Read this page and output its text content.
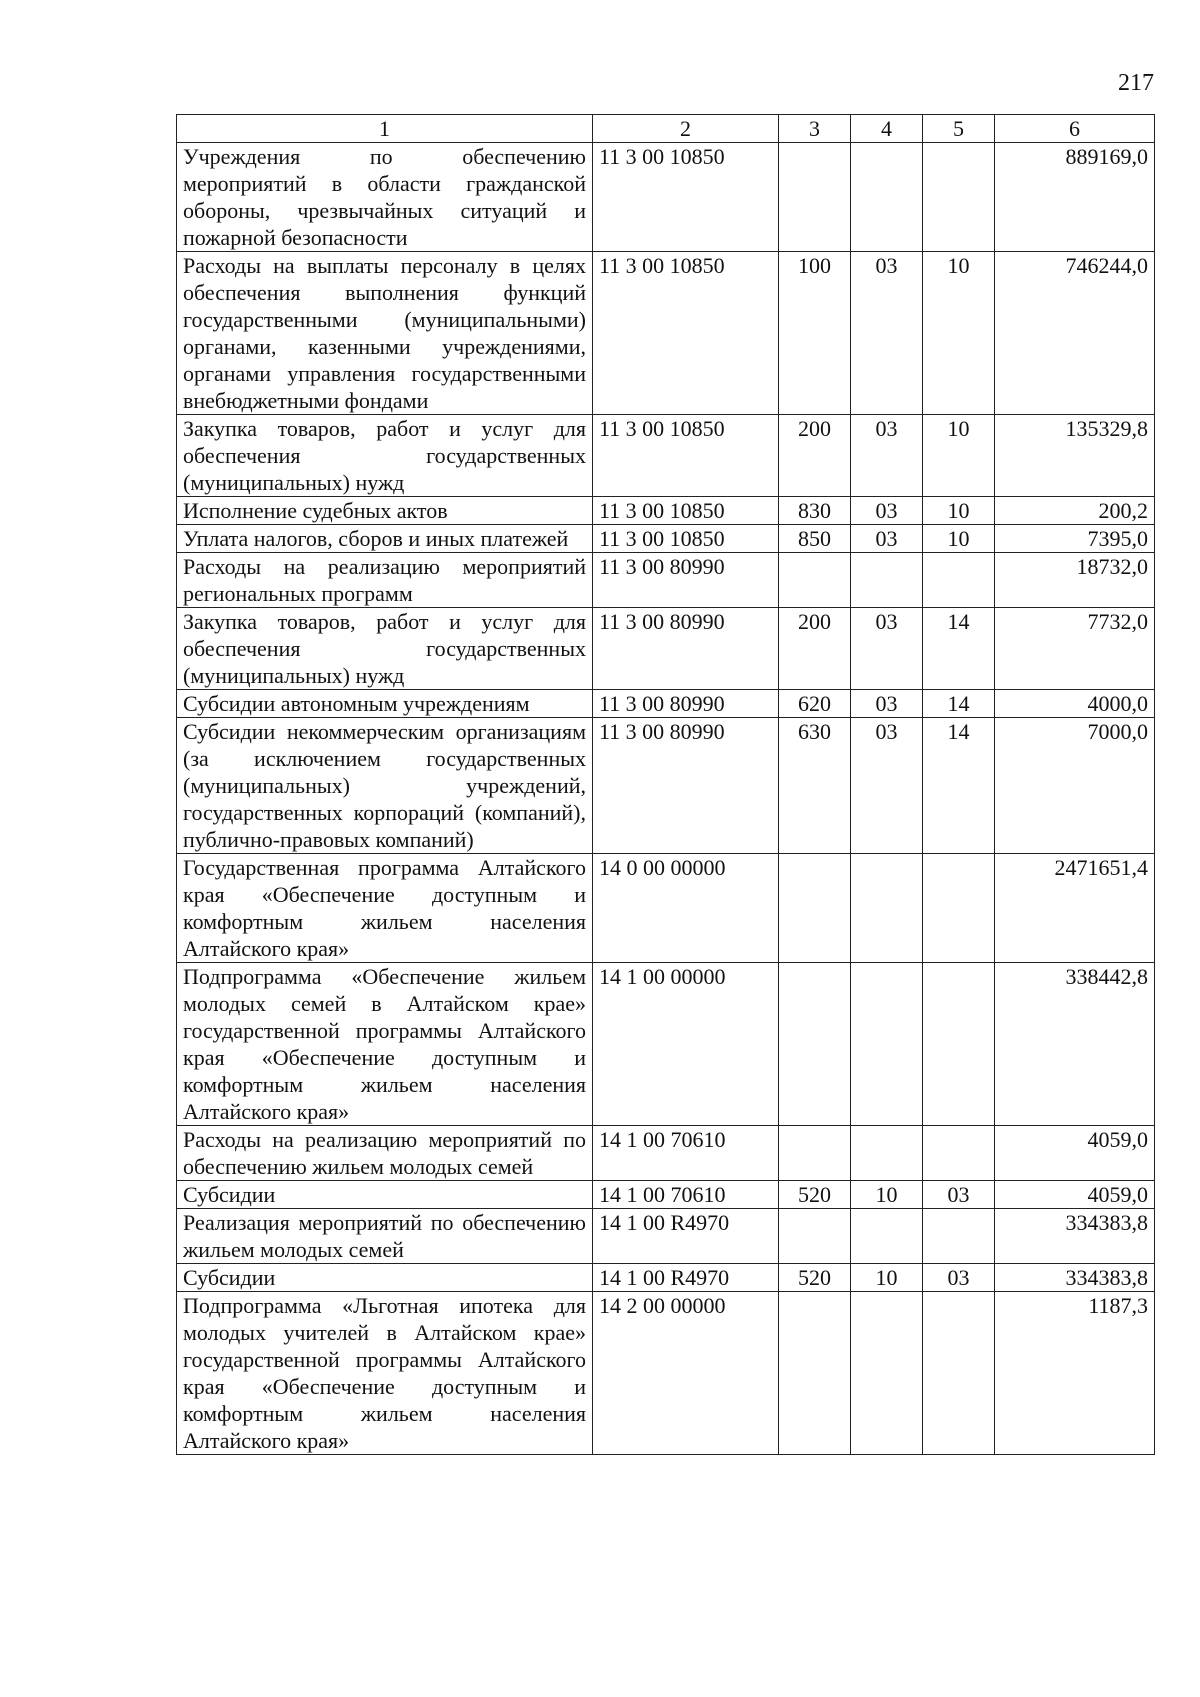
217
1	2	3	4	5	6
Учреждения по обеспечению мероприятий в области гражданской обороны, чрезвычайных ситуаций и пожарной безопасности	11 3 00 10850				889169,0
Расходы на выплаты персоналу в целях обеспечения выполнения функций государственными (муниципальными) органами, казенными учреждениями, органами управления государственными внебюджетными фондами	11 3 00 10850	100	03	10	746244,0
Закупка товаров, работ и услуг для обеспечения государственных (муниципальных) нужд	11 3 00 10850	200	03	10	135329,8
Исполнение судебных актов	11 3 00 10850	830	03	10	200,2
Уплата налогов, сборов и иных платежей	11 3 00 10850	850	03	10	7395,0
Расходы на реализацию мероприятий региональных программ	11 3 00 80990				18732,0
Закупка товаров, работ и услуг для обеспечения государственных (муниципальных) нужд	11 3 00 80990	200	03	14	7732,0
Субсидии автономным учреждениям	11 3 00 80990	620	03	14	4000,0
Субсидии некоммерческим организациям (за исключением государственных (муниципальных) учреждений, государственных корпораций (компаний), публично-правовых компаний)	11 3 00 80990	630	03	14	7000,0
Государственная программа Алтайского края «Обеспечение доступным и комфортным жильем населения Алтайского края»	14 0 00 00000				2471651,4
Подпрограмма «Обеспечение жильем молодых семей в Алтайском крае» государственной программы Алтайского края «Обеспечение доступным и комфортным жильем населения Алтайского края»	14 1 00 00000				338442,8
Расходы на реализацию мероприятий по обеспечению жильем молодых семей	14 1 00 70610				4059,0
Субсидии	14 1 00 70610	520	10	03	4059,0
Реализация мероприятий по обеспечению жильем молодых семей	14 1 00 R4970				334383,8
Субсидии	14 1 00 R4970	520	10	03	334383,8
Подпрограмма «Льготная ипотека для молодых учителей в Алтайском крае» государственной программы Алтайского края «Обеспечение доступным и комфортным жильем населения Алтайского края»	14 2 00 00000				1187,3
